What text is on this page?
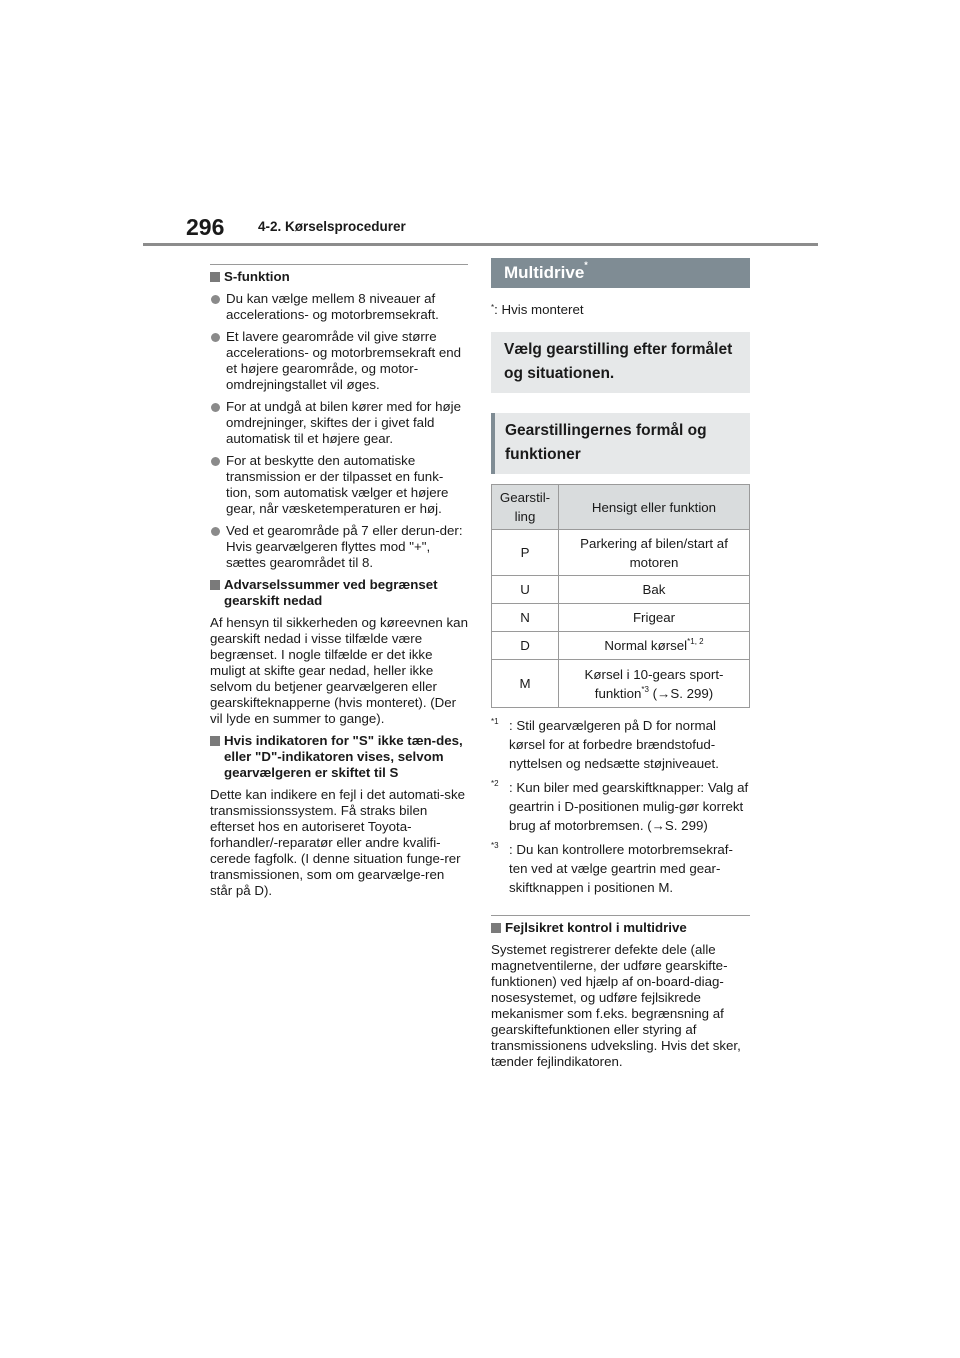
296 4-2. Kørselsprocedurer
S-funktion
Du kan vælge mellem 8 niveauer af accelerations- og motorbremsekraft.
Et lavere gearområde vil give større accelerations- og motorbremsekraft end et højere gearområde, og motor-omdrejningstallet vil øges.
For at undgå at bilen kører med for høje omdrejninger, skiftes der i givet fald automatisk til et højere gear.
For at beskytte den automatiske transmission er der tilpasset en funk-tion, som automatisk vælger et højere gear, når væsketemperaturen er høj.
Ved et gearområde på 7 eller derun-der: Hvis gearvælgeren flyttes mod "+", sættes gearområdet til 8.
Advarselssummer ved begrænset gearskift nedad
Af hensyn til sikkerheden og køreevnen kan gearskift nedad i visse tilfælde være begrænset. I nogle tilfælde er det ikke muligt at skifte gear nedad, heller ikke selvom du betjener gearvælgeren eller gearskifteknapperne (hvis monteret). (Der vil lyde en summer to gange).
Hvis indikatoren for "S" ikke tæn-des, eller "D"-indikatoren vises, selvom gearvælgeren er skiftet til S
Dette kan indikere en fejl i det automati-ske transmissionssystem. Få straks bilen efterset hos en autoriseret Toyota-forhandler/-reparatør eller andre kvalifi-cerede fagfolk. (I denne situation funge-rer transmissionen, som om gearvælge-ren står på D).
Multidrive*
*: Hvis monteret
Vælg gearstilling efter formålet og situationen.
Gearstillingernes formål og funktioner
Gearstil-ling	Hensigt eller funktion
P	Parkering af bilen/start af motoren
U	Bak
N	Frigear
D	Normal kørsel$^{*1, 2}$
M	Kørsel i 10-gears sport-funktion$^{*3}$ (→S. 299)
$^{*1}$ : Stil gearvælgeren på D for normal kørsel for at forbedre brændstofud-nyttelsen og nedsætte støjniveauet.
$^{*2}$ : Kun biler med gearskiftknapper: Valg af geartrin i D-positionen mulig-gør korrekt brug af motorbremsen. (→S. 299)
$^{*3}$ : Du kan kontrollere motorbremsekraf-ten ved at vælge geartrin med gear-skiftknappen i positionen M.
Fejlsikret kontrol i multidrive
Systemet registrerer defekte dele (alle magnetventilerne, der udføre gearskifte-funktionen) ved hjælp af on-board-diag-nosesystemet, og udføre fejlsikrede mekanismer som f.eks. begrænsning af gearskiftefunktionen eller styring af transmissionens udveksling. Hvis det sker, tænder fejlindikatoren.
